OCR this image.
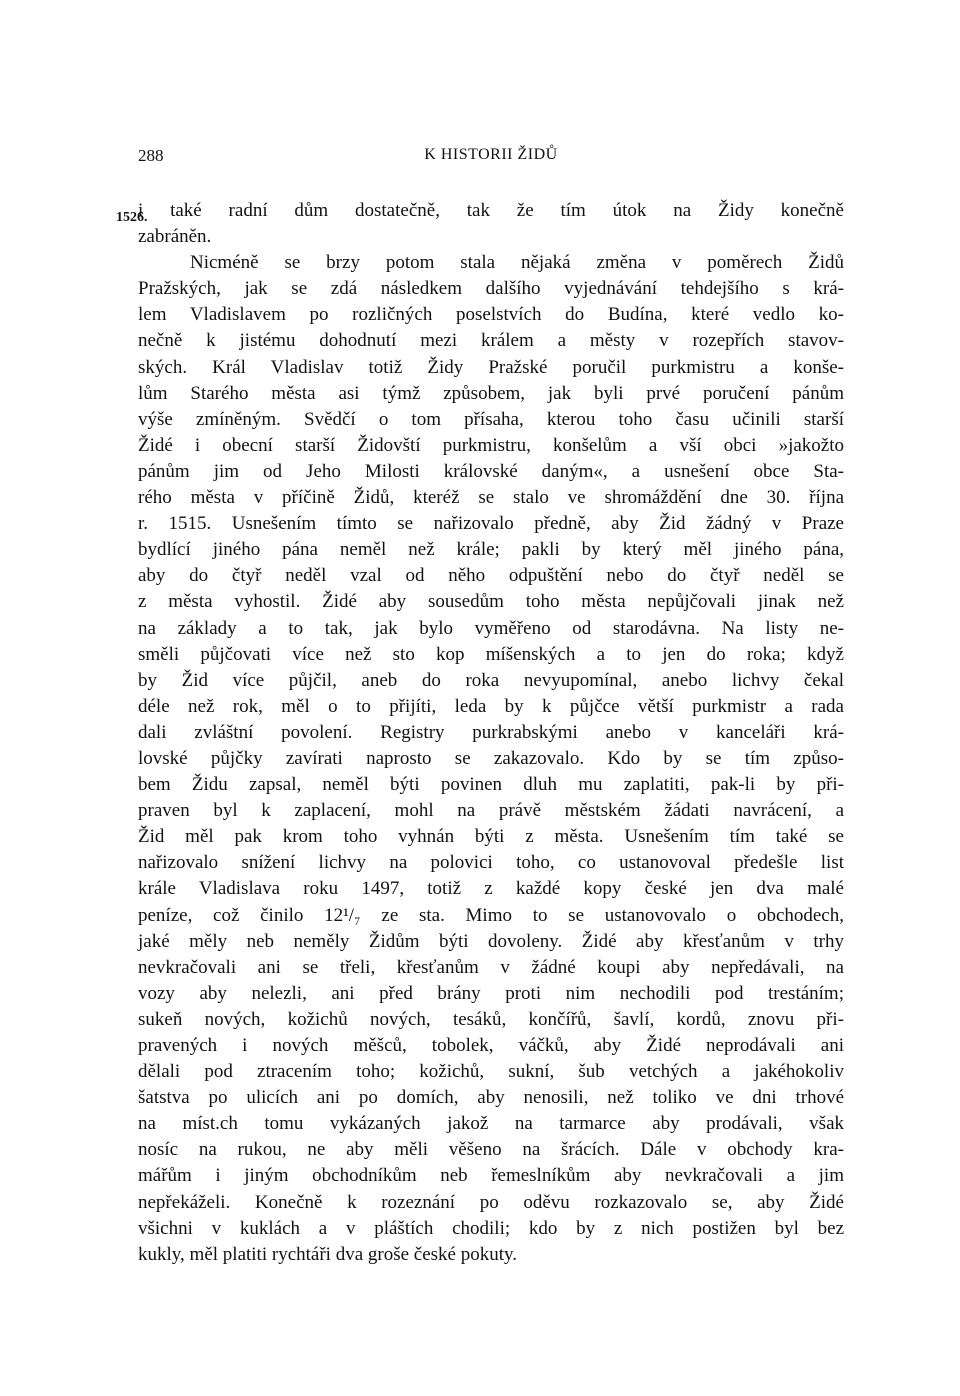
288	K HISTORII ŽIDŮ
1526.
i také radní dům dostatečně, tak že tím útok na Židy konečně
zabráněn.
Nicméně se brzy potom stala nějaká změna v poměrech Židů
Pražských, jak se zdá následkem dalšího vyjednávání tehdejšího s krá-
lem Vladislavem po rozličných poselstvích do Budína, které vedlo ko-
nečně k jistému dohodnutí mezi králem a městy v rozepřích stavov-
ských. Král Vladislav totiž Židy Pražské poručil purkmistru a konše-
lům Starého města asi týmž způsobem, jak byli prvé poručení pánům
výše zmíněným. Svědčí o tom přísaha, kterou toho času učinili starší
Židé i obecní starší Židovští purkmistru, konšelům a vší obci »jakožto
pánům jim od Jeho Milosti královské daným«, a usnešení obce Sta-
rého města v příčině Židů, kteréž se stalo ve shromáždění dne 30. října
r. 1515. Usnešením tímto se nařizovalo předně, aby Žid žádný v Praze
bydlící jiného pána neměl než krále; pakli by který měl jiného pána,
aby do čtyř neděl vzal od něho odpuštění nebo do čtyř neděl se
z města vyhostil. Židé aby sousedům toho města nepůjčovali jinak než
na základy a to tak, jak bylo vyměřeno od starodávna. Na listy ne-
směli půjčovati více než sto kop míšenských a to jen do roka; když
by Žid více půjčil, aneb do roka nevyupomínal, anebo lichvy čekal
déle než rok, měl o to přijíti, leda by k půjčce větší purkmistr a rada
dali zvláštní povolení. Registry purkrabskými anebo v kanceláři krá-
lovské půjčky zavírati naprosto se zakazovalo. Kdo by se tím způso-
bem Židu zapsal, neměl býti povinen dluh mu zaplatiti, pak-li by při-
praven byl k zaplacení, mohl na právě městském žádati navrácení, a
Žid měl pak krom toho vyhnán býti z města. Usnešením tím také se
nařizovalo snížení lichvy na polovici toho, co ustanovoval předešle list
krále Vladislava roku 1497, totiž z každé kopy české jen dva malé
peníze, což činilo 12¹/₇ ze sta. Mimo to se ustanovovalo o obchodech,
jaké měly neb neměly Židům býti dovoleny. Židé aby křesťanům v trhy
nevkračovali ani se třeli, křesťanům v žádné koupi aby nepředávali, na
vozy aby nelezli, ani před brány proti nim nechodili pod trestáním;
sukeň nových, kožichů nových, tesáků, končířů, šavlí, kordů, znovu při-
pravených i nových měšců, tobolek, váčků, aby Židé neprodávali ani
dělali pod ztracením toho; kožichů, sukní, šub vetchých a jakéhokoliv
šatstva po ulicích ani po domích, aby nenosili, než toliko ve dni trhové
na míst.ch tomu vykázaných jakož na tarmarce aby prodávali, však
nosíc na rukou, ne aby měli věšeno na šrácích. Dále v obchody kra-
mářům i jiným obchodníkům neb řemeslníkům aby nevkračovali a jim
nepřekáželi. Konečně k rozeznání po oděvu rozkazovalo se, aby Židé
všichni v kuklách a v pláštích chodili; kdo by z nich postižen byl bez
kukly, měl platiti rychtáři dva groše české pokuty.
